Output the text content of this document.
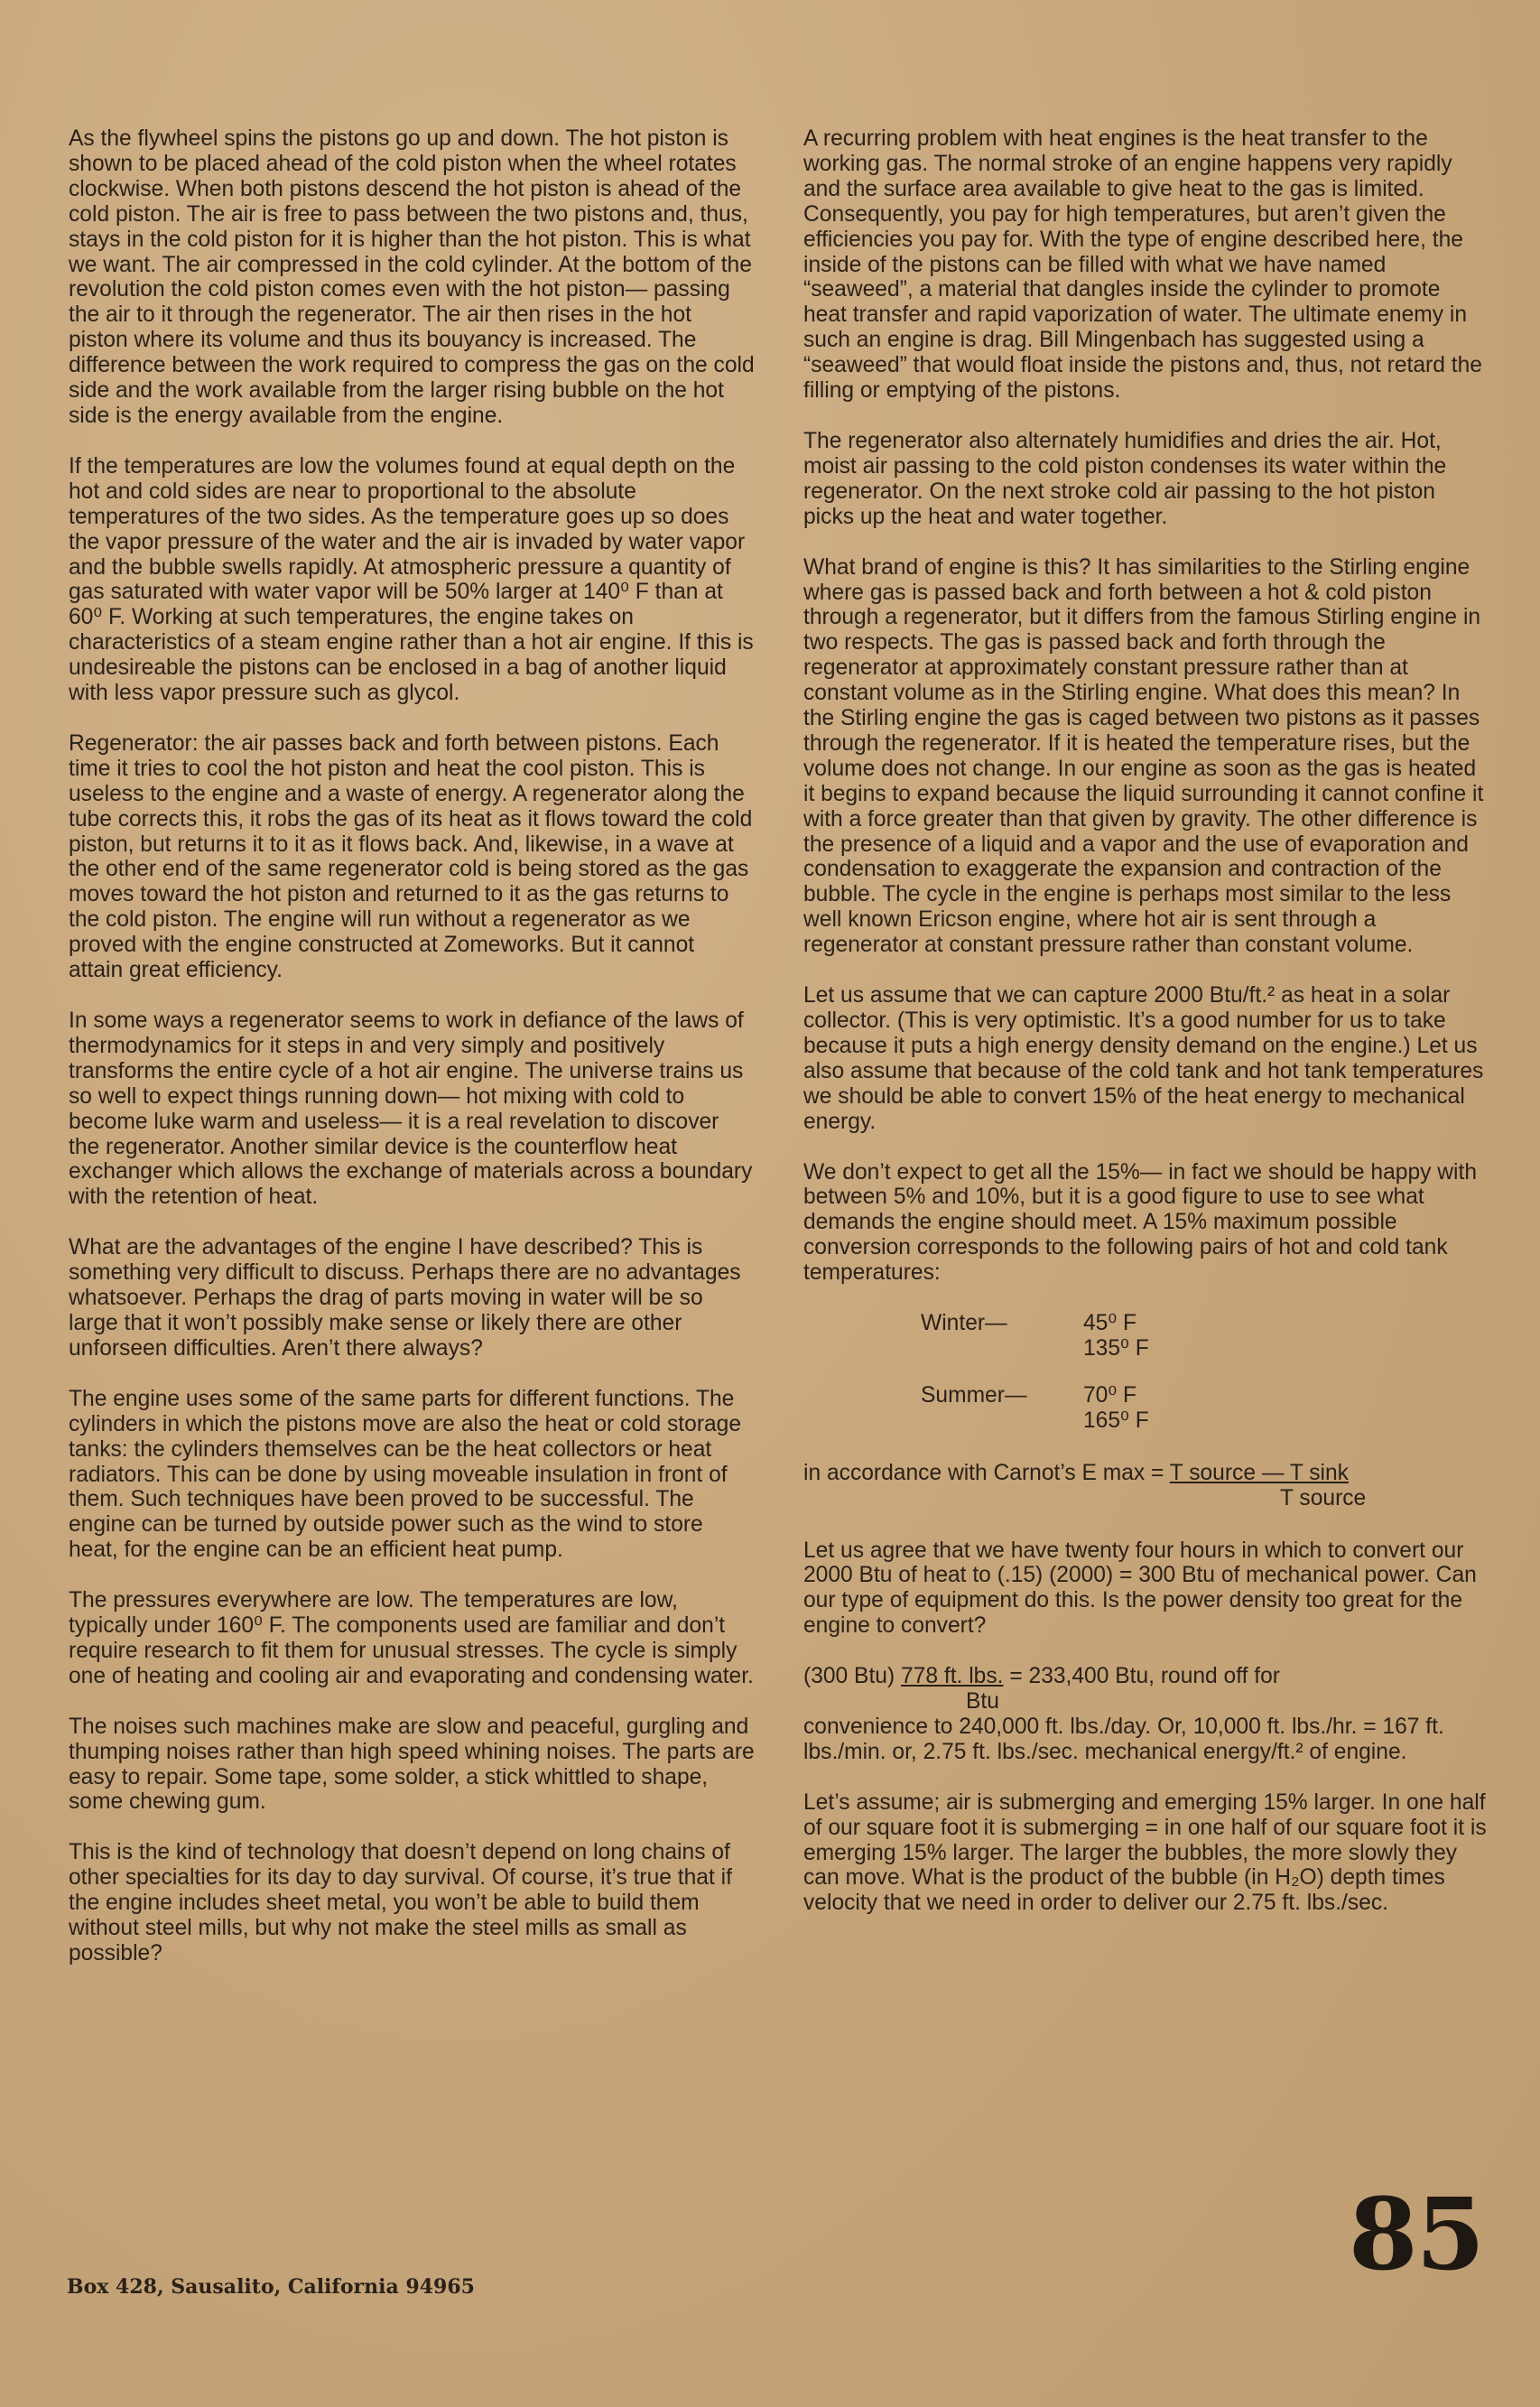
As the flywheel spins the pistons go up and down. The hot piston is shown to be placed ahead of the cold piston when the wheel rotates clockwise. When both pistons descend the hot piston is ahead of the cold piston. The air is free to pass between the two pistons and, thus, stays in the cold piston for it is higher than the hot piston. This is what we want. The air compressed in the cold cylinder. At the bottom of the revolution the cold piston comes even with the hot piston— passing the air to it through the regenerator. The air then rises in the hot piston where its volume and thus its bouyancy is increased. The difference between the work required to compress the gas on the cold side and the work available from the larger rising bubble on the hot side is the energy available from the engine.

If the temperatures are low the volumes found at equal depth on the hot and cold sides are near to proportional to the absolute temperatures of the two sides. As the temperature goes up so does the vapor pressure of the water and the air is invaded by water vapor and the bubble swells rapidly. At atmospheric pressure a quantity of gas saturated with water vapor will be 50% larger at 140⁰ F than at 60⁰ F. Working at such temperatures, the engine takes on characteristics of a steam engine rather than a hot air engine. If this is undesireable the pistons can be enclosed in a bag of another liquid with less vapor pressure such as glycol.

Regenerator: the air passes back and forth between pistons. Each time it tries to cool the hot piston and heat the cool piston. This is useless to the engine and a waste of energy. A regenerator along the tube corrects this, it robs the gas of its heat as it flows toward the cold piston, but returns it to it as it flows back. And, likewise, in a wave at the other end of the same regenerator cold is being stored as the gas moves toward the hot piston and returned to it as the gas returns to the cold piston. The engine will run without a regenerator as we proved with the engine constructed at Zomeworks. But it cannot attain great efficiency.

In some ways a regenerator seems to work in defiance of the laws of thermodynamics for it steps in and very simply and positively transforms the entire cycle of a hot air engine. The universe trains us so well to expect things running down— hot mixing with cold to become luke warm and useless— it is a real revelation to discover the regenerator. Another similar device is the counterflow heat exchanger which allows the exchange of materials across a boundary with the retention of heat.

What are the advantages of the engine I have described? This is something very difficult to discuss. Perhaps there are no advantages whatsoever. Perhaps the drag of parts moving in water will be so large that it won’t possibly make sense or likely there are other unforseen difficulties. Aren’t there always?

The engine uses some of the same parts for different functions. The cylinders in which the pistons move are also the heat or cold storage tanks: the cylinders themselves can be the heat collectors or heat radiators. This can be done by using moveable insulation in front of them. Such techniques have been proved to be successful. The engine can be turned by outside power such as the wind to store heat, for the engine can be an efficient heat pump.

The pressures everywhere are low. The temperatures are low, typically under 160⁰ F. The components used are familiar and don’t require research to fit them for unusual stresses. The cycle is simply one of heating and cooling air and evaporating and condensing water.

The noises such machines make are slow and peaceful, gurgling and thumping noises rather than high speed whining noises. The parts are easy to repair. Some tape, some solder, a stick whittled to shape, some chewing gum.

This is the kind of technology that doesn’t depend on long chains of other specialties for its day to day survival. Of course, it’s true that if the engine includes sheet metal, you won’t be able to build them without steel mills, but why not make the steel mills as small as possible?

A recurring problem with heat engines is the heat transfer to the working gas. The normal stroke of an engine happens very rapidly and the surface area available to give heat to the gas is limited. Consequently, you pay for high temperatures, but aren’t given the efficiencies you pay for. With the type of engine described here, the inside of the pistons can be filled with what we have named “seaweed”, a material that dangles inside the cylinder to promote heat transfer and rapid vaporization of water. The ultimate enemy in such an engine is drag. Bill Mingenbach has suggested using a “seaweed” that would float inside the pistons and, thus, not retard the filling or emptying of the pistons.

The regenerator also alternately humidifies and dries the air. Hot, moist air passing to the cold piston condenses its water within the regenerator. On the next stroke cold air passing to the hot piston picks up the heat and water together.

What brand of engine is this? It has similarities to the Stirling engine where gas is passed back and forth between a hot & cold piston through a regenerator, but it differs from the famous Stirling engine in two respects. The gas is passed back and forth through the regenerator at approximately constant pressure rather than at constant volume as in the Stirling engine. What does this mean? In the Stirling engine the gas is caged between two pistons as it passes through the regenerator. If it is heated the temperature rises, but the volume does not change. In our engine as soon as the gas is heated it begins to expand because the liquid surrounding it cannot confine it with a force greater than that given by gravity. The other difference is the presence of a liquid and a vapor and the use of evaporation and condensation to exaggerate the expansion and contraction of the bubble. The cycle in the engine is perhaps most similar to the less well known Ericson engine, where hot air is sent through a regenerator at constant pressure rather than constant volume.

Let us assume that we can capture 2000 Btu/ft.² as heat in a solar collector. (This is very optimistic. It’s a good number for us to take because it puts a high energy density demand on the engine.) Let us also assume that because of the cold tank and hot tank temperatures we should be able to convert 15% of the heat energy to mechanical energy.

We don’t expect to get all the 15%— in fact we should be happy with between 5% and 10%, but it is a good figure to use to see what demands the engine should meet. A 15% maximum possible conversion corresponds to the following pairs of hot and cold tank temperatures:

Winter—	45⁰ F
135⁰ F
Summer—	70⁰ F
165⁰ F
in accordance with Carnot’s E max = T source — T sink
T source

Let us agree that we have twenty four hours in which to convert our 2000 Btu of heat to (.15) (2000) = 300 Btu of mechanical power. Can our type of equipment do this. Is the power density too great for the engine to convert?

(300 Btu) 778 ft. lbs. = 233,400 Btu, round off for
Btu
convenience to 240,000 ft. lbs./day. Or, 10,000 ft. lbs./hr. = 167 ft. lbs./min. or, 2.75 ft. lbs./sec. mechanical energy/ft.² of engine.

Let’s assume; air is submerging and emerging 15% larger. In one half of our square foot it is submerging = in one half of our square foot it is emerging 15% larger. The larger the bubbles, the more slowly they can move. What is the product of the bubble (in H₂O) depth times velocity that we need in order to deliver our 2.75 ft. lbs./sec.

Box 428, Sausalito, California 94965	85
